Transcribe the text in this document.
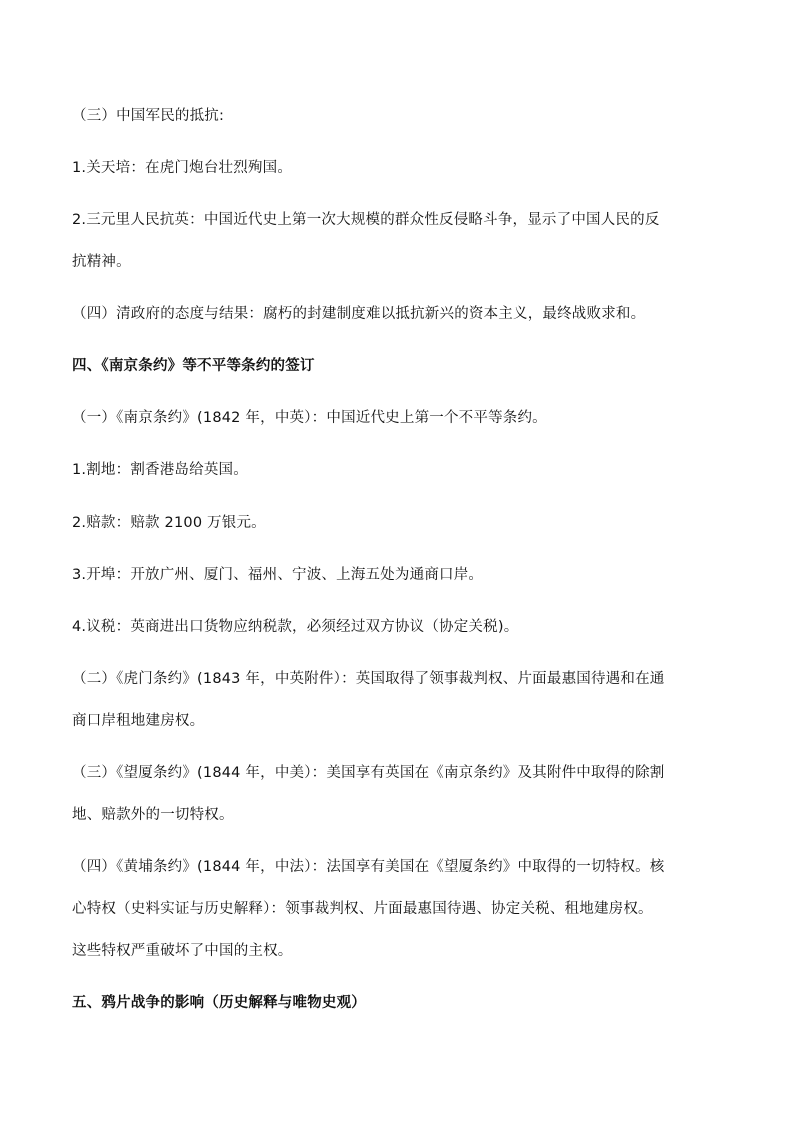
（三）中国军民的抵抗:
1.关天培：在虎门炮台壮烈殉国。
2.三元里人民抗英：中国近代史上第一次大规模的群众性反侵略斗争，显示了中国人民的反
抗精神。
（四）清政府的态度与结果：腐朽的封建制度难以抵抗新兴的资本主义，最终战败求和。
四、《南京条约》等不平等条约的签订
（一）《南京条约》(1842 年，中英）：中国近代史上第一个不平等条约。
1.割地：割香港岛给英国。
2.赔款：赔款 2100 万银元。
3.开埠：开放广州、厦门、福州、宁波、上海五处为通商口岸。
4.议税：英商进出口货物应纳税款，必须经过双方协议（协定关税)。
（二）《虎门条约》(1843 年，中英附件）：英国取得了领事裁判权、片面最惠国待遇和在通
商口岸租地建房权。
（三）《望厦条约》(1844 年，中美）：美国享有英国在《南京条约》及其附件中取得的除割
地、赔款外的一切特权。
（四）《黄埔条约》(1844 年，中法）：法国享有美国在《望厦条约》中取得的一切特权。核
心特权（史料实证与历史解释）：领事裁判权、片面最惠国待遇、协定关税、租地建房权。
这些特权严重破坏了中国的主权。
五、鸦片战争的影响（历史解释与唯物史观）
